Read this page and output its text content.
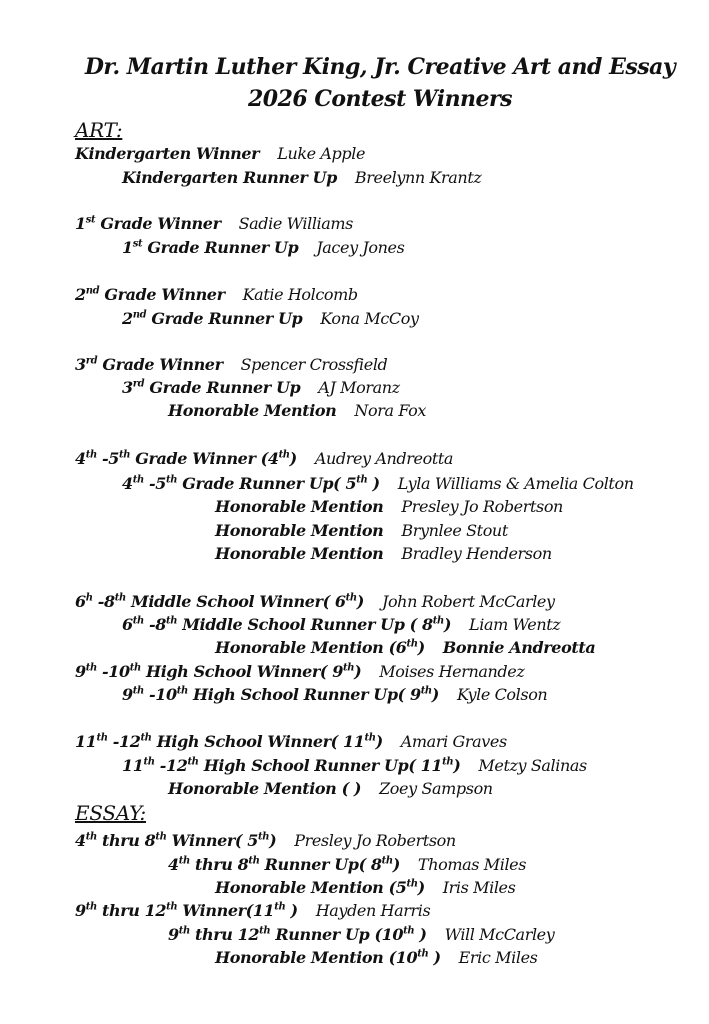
Dr. Martin Luther King, Jr. Creative Art and Essay
2026 Contest Winners
ART:
Kindergarten Winner Luke Apple
Kindergarten Runner Up Breelynn Krantz
1st Grade Winner Sadie Williams
1st Grade Runner Up Jacey Jones
2nd Grade Winner Katie Holcomb
2nd Grade Runner Up Kona McCoy
3rd Grade Winner Spencer Crossfield
3rd Grade Runner Up AJ Moranz
Honorable Mention Nora Fox
4th -5th Grade Winner (4th) Audrey Andreotta
4th -5th Grade Runner Up( 5th ) Lyla Williams & Amelia Colton
Honorable Mention Presley Jo Robertson
Honorable Mention Brynlee Stout
Honorable Mention Bradley Henderson
6$^h$ -8th Middle School Winner( 6th) John Robert McCarley
6th -8th Middle School Runner Up ( 8th) Liam Wentz
Honorable Mention (6th) Bonnie Andreotta
9th -10th High School Winner( 9th) Moises Hernandez
9th -10th High School Runner Up( 9th) Kyle Colson
11th -12th High School Winner( 11th) Amari Graves
11th -12th High School Runner Up( 11th) Metzy Salinas
Honorable Mention ( ) Zoey Sampson
ESSAY:
4th thru 8th Winner( 5th) Presley Jo Robertson
4th thru 8th Runner Up( 8th) Thomas Miles
Honorable Mention (5th) Iris Miles
9th thru 12th Winner(11th ) Hayden Harris
9th thru 12th Runner Up (10th ) Will McCarley
Honorable Mention (10th ) Eric Miles
